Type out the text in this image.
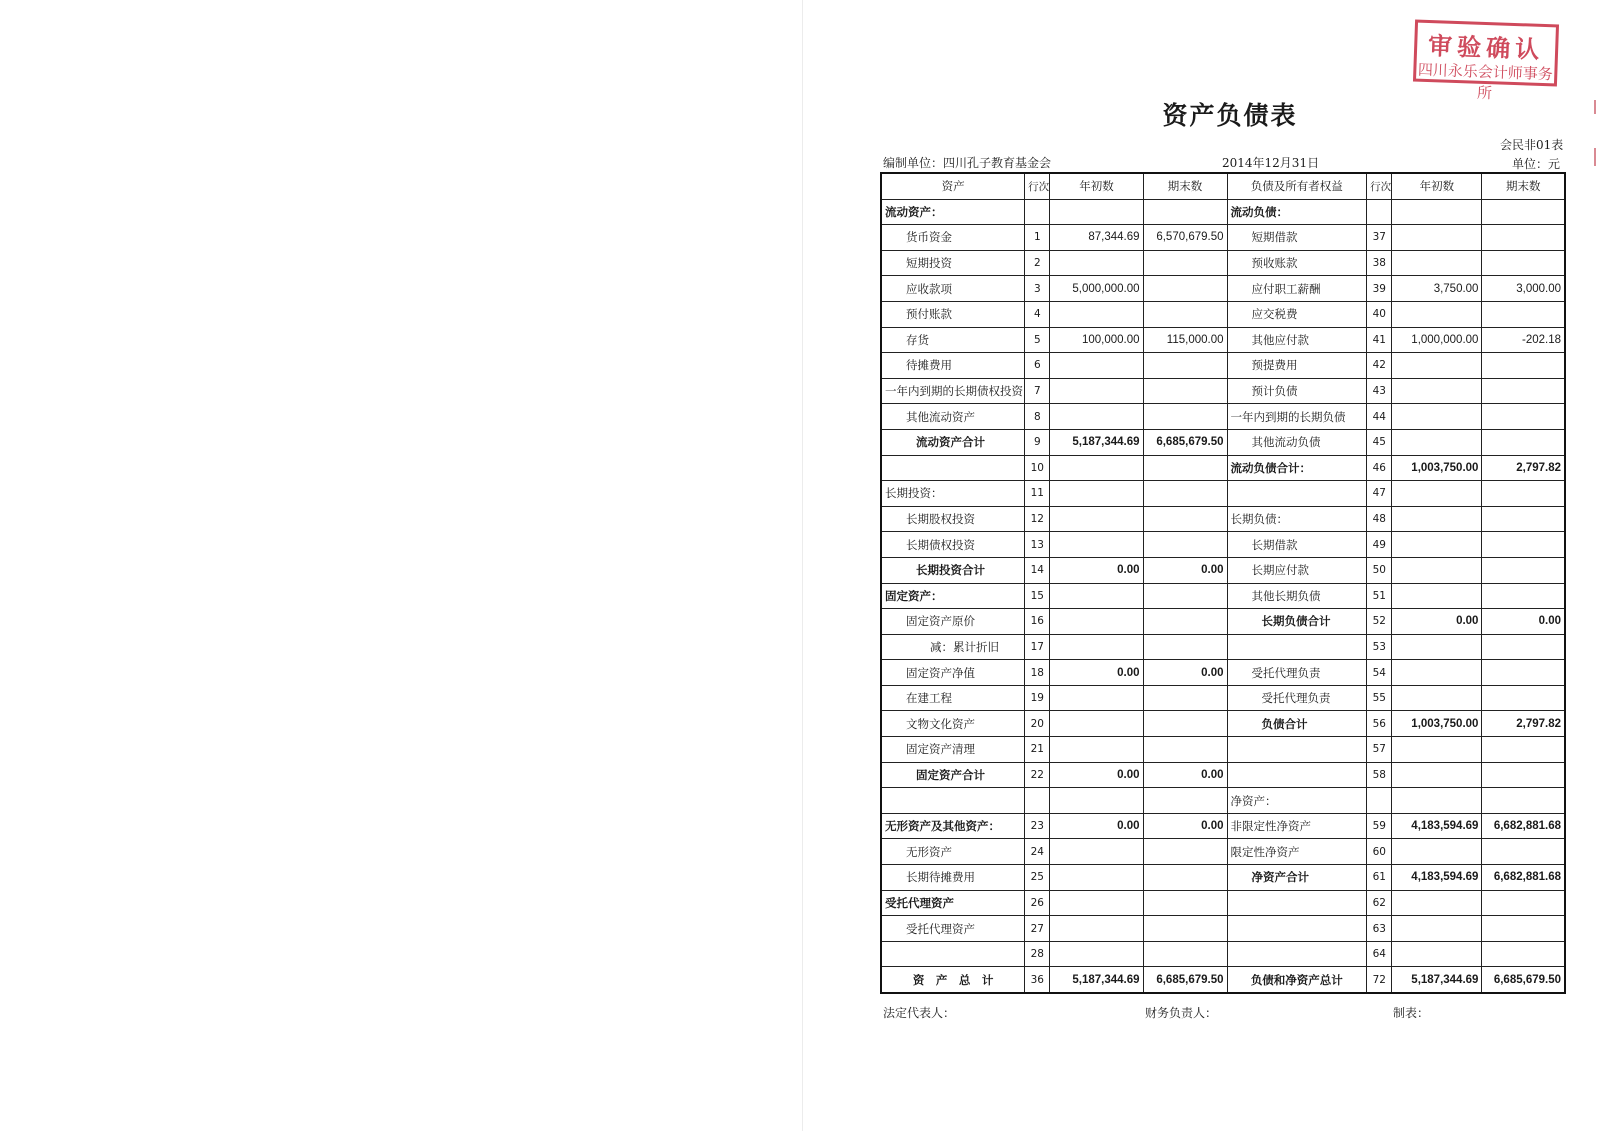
审验确认
四川永乐会计师事务所
资产负债表
会民非01表
编制单位：四川孔子教育基金会	2014年12月31日	单位：元
资产	行次	年初数	期末数	负债及所有者权益	行次	年初数	期末数
流动资产：				流动负债：			
货币资金	1	87,344.69	6,570,679.50	短期借款	37		
短期投资	2			预收账款	38		
应收款项	3	5,000,000.00		应付职工薪酬	39	3,750.00	3,000.00
预付账款	4			应交税费	40		
存货	5	100,000.00	115,000.00	其他应付款	41	1,000,000.00	-202.18
待摊费用	6			预提费用	42		
一年内到期的长期债权投资	7			预计负债	43		
其他流动资产	8			一年内到期的长期负债	44		
流动资产合计	9	5,187,344.69	6,685,679.50	其他流动负债	45		
	10			流动负债合计：	46	1,003,750.00	2,797.82
长期投资：	11				47		
长期股权投资	12			长期负债：	48		
长期债权投资	13			长期借款	49		
长期投资合计	14	0.00	0.00	长期应付款	50		
固定资产：	15			其他长期负债	51		
固定资产原价	16			长期负债合计	52	0.00	0.00
减：累计折旧	17				53		
固定资产净值	18	0.00	0.00	受托代理负责	54		
在建工程	19			受托代理负责	55		
文物文化资产	20			负债合计	56	1,003,750.00	2,797.82
固定资产清理	21				57		
固定资产合计	22	0.00	0.00		58		
				净资产：			
无形资产及其他资产：	23	0.00	0.00	非限定性净资产	59	4,183,594.69	6,682,881.68
无形资产	24			限定性净资产	60		
长期待摊费用	25			净资产合计	61	4,183,594.69	6,682,881.68
受托代理资产	26				62		
受托代理资产	27				63		
	28				64		
资　产　总　计	36	5,187,344.69	6,685,679.50	负债和净资产总计	72	5,187,344.69	6,685,679.50
法定代表人：	财务负责人：	制表：
